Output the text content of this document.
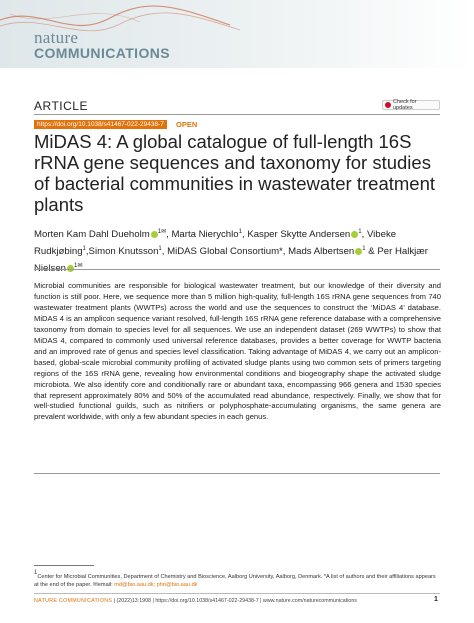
nature
COMMUNICATIONS
ARTICLE	Check for updates
https://doi.org/10.1038/s41467-022-29438-7	OPEN
MiDAS 4: A global catalogue of full-length 16S rRNA gene sequences and taxonomy for studies of bacterial communities in wastewater treatment plants
Morten Kam Dahl Dueholm $^{1✉}$, Marta Nierychlo$^1$, Kasper Skytte Andersen $^1$, Vibeke Rudkjøbing$^1$,Simon Knutsson$^1$, MiDAS Global Consortium*, Mads Albertsen $^1$ & Per Halkjær Nielsen $^{1✉}$

Microbial communities are responsible for biological wastewater treatment, but our knowledge of their diversity and function is still poor. Here, we sequence more than 5 million high-quality, full-length 16S rRNA gene sequences from 740 wastewater treatment plants (WWTPs) across the world and use the sequences to construct the ‘MiDAS 4’ database. MiDAS 4 is an amplicon sequence variant resolved, full-length 16S rRNA gene reference database with a comprehensive taxonomy from domain to species level for all sequences. We use an independent dataset (269 WWTPs) to show that MiDAS 4, compared to commonly used universal reference databases, provides a better coverage for WWTP bacteria and an improved rate of genus and species level classification. Taking advantage of MiDAS 4, we carry out an amplicon-based, global-scale microbial community profiling of activated sludge plants using two common sets of primers targeting regions of the 16S rRNA gene, revealing how environmental conditions and biogeography shape the activated sludge microbiota. We also identify core and conditionally rare or abundant taxa, encompassing 966 genera and 1530 species that represent approximately 80% and 50% of the accumulated read abundance, respectively. Finally, we show that for well-studied functional guilds, such as nitrifiers or polyphosphate-accumulating organisms, the same genera are prevalent worldwide, with only a few abundant species in each genus.

$^1$Center for Microbial Communities, Department of Chemistry and Bioscience, Aalborg University, Aalborg, Denmark. *A list of authors and their affiliations appears at the end of the paper. ✉email: md@bio.aau.dk; phn@bio.aau.dk
NATURE COMMUNICATIONS | (2022)13:1908 | https://doi.org/10.1038/s41467-022-29438-7 | www.nature.com/naturecommunications	1
